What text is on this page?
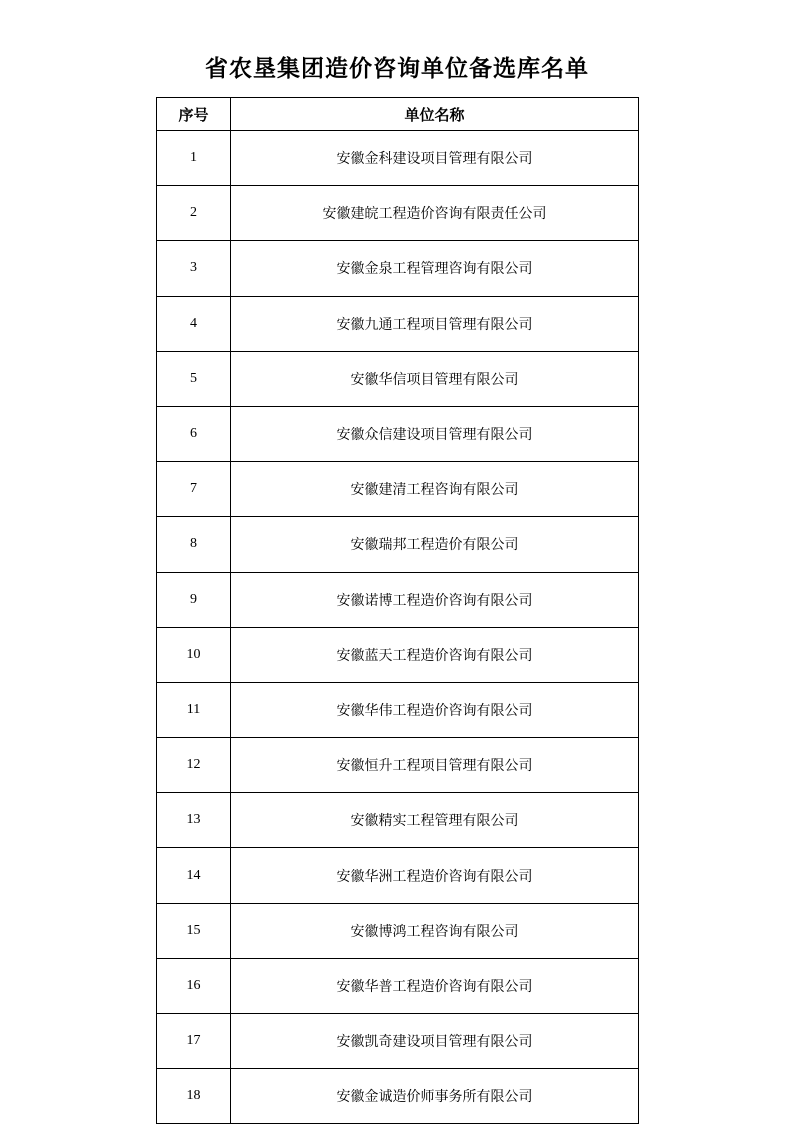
省农垦集团造价咨询单位备选库名单
序号	单位名称
1	安徽金科建设项目管理有限公司
2	安徽建皖工程造价咨询有限责任公司
3	安徽金泉工程管理咨询有限公司
4	安徽九通工程项目管理有限公司
5	安徽华信项目管理有限公司
6	安徽众信建设项目管理有限公司
7	安徽建清工程咨询有限公司
8	安徽瑞邦工程造价有限公司
9	安徽诺博工程造价咨询有限公司
10	安徽蓝天工程造价咨询有限公司
11	安徽华伟工程造价咨询有限公司
12	安徽恒升工程项目管理有限公司
13	安徽精实工程管理有限公司
14	安徽华洲工程造价咨询有限公司
15	安徽博鸿工程咨询有限公司
16	安徽华普工程造价咨询有限公司
17	安徽凯奇建设项目管理有限公司
18	安徽金诚造价师事务所有限公司
